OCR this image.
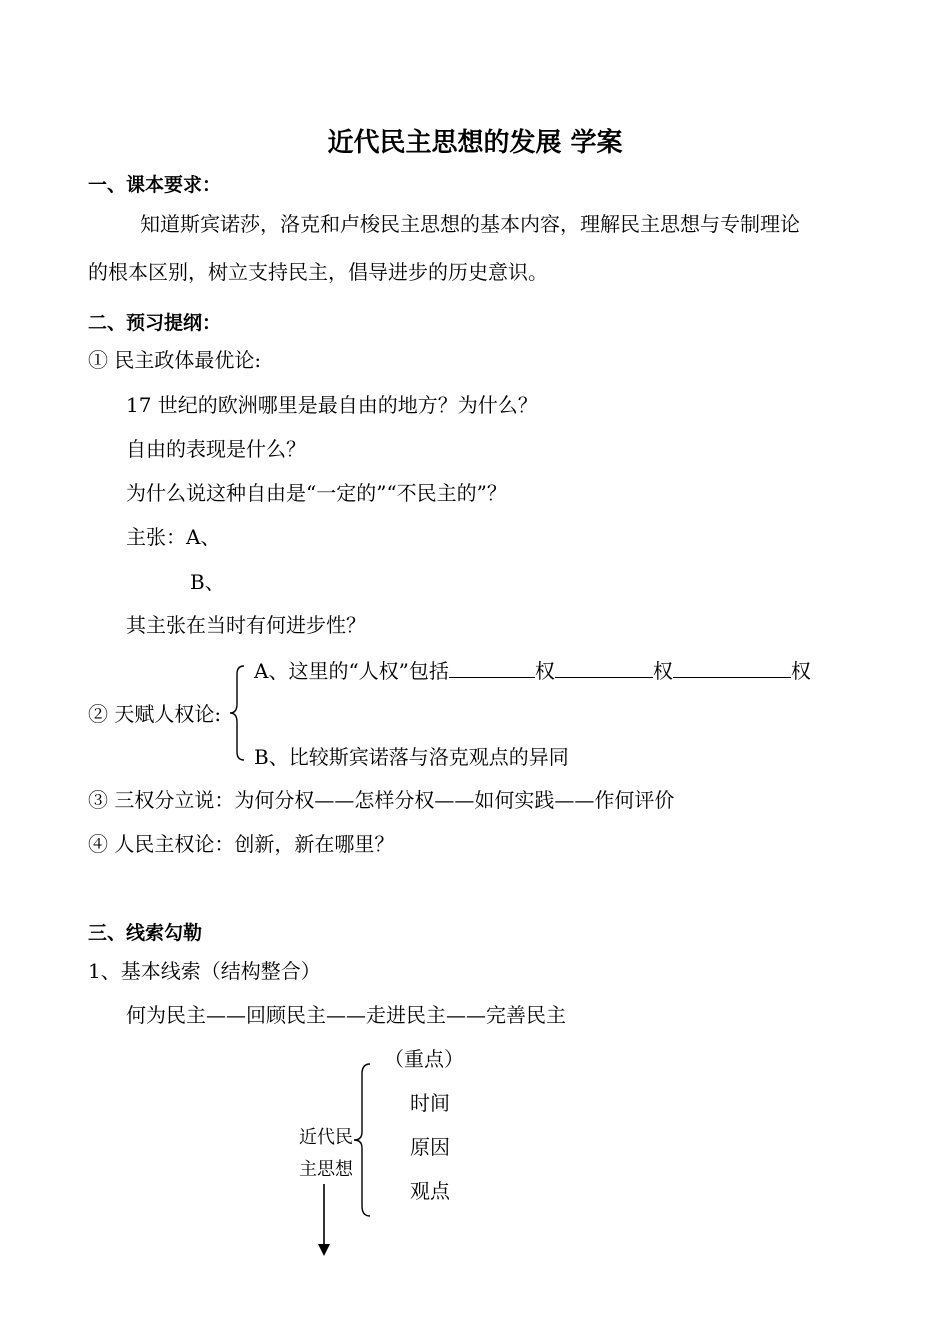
近代民主思想的发展 学案
一、课本要求：
知道斯宾诺莎，洛克和卢梭民主思想的基本内容，理解民主思想与专制理论
的根本区别，树立支持民主，倡导进步的历史意识。
二、预习提纲：
① 民主政体最优论:
17 世纪的欧洲哪里是最自由的地方？为什么？
自由的表现是什么？
为什么说这种自由是“一定的”“不民主的”？
主张：A、
B、
其主张在当时有何进步性？
A、这里的“人权”包括	权	权	权
② 天赋人权论:
B、比较斯宾诺落与洛克观点的异同
③ 三权分立说：为何分权——怎样分权——如何实践——作何评价
④ 人民主权论：创新，新在哪里？
三、线索勾勒
1、基本线索（结构整合）
何为民主——回顾民主——走进民主——完善民主
（重点）
时间
原因
观点
近代民
主思想
